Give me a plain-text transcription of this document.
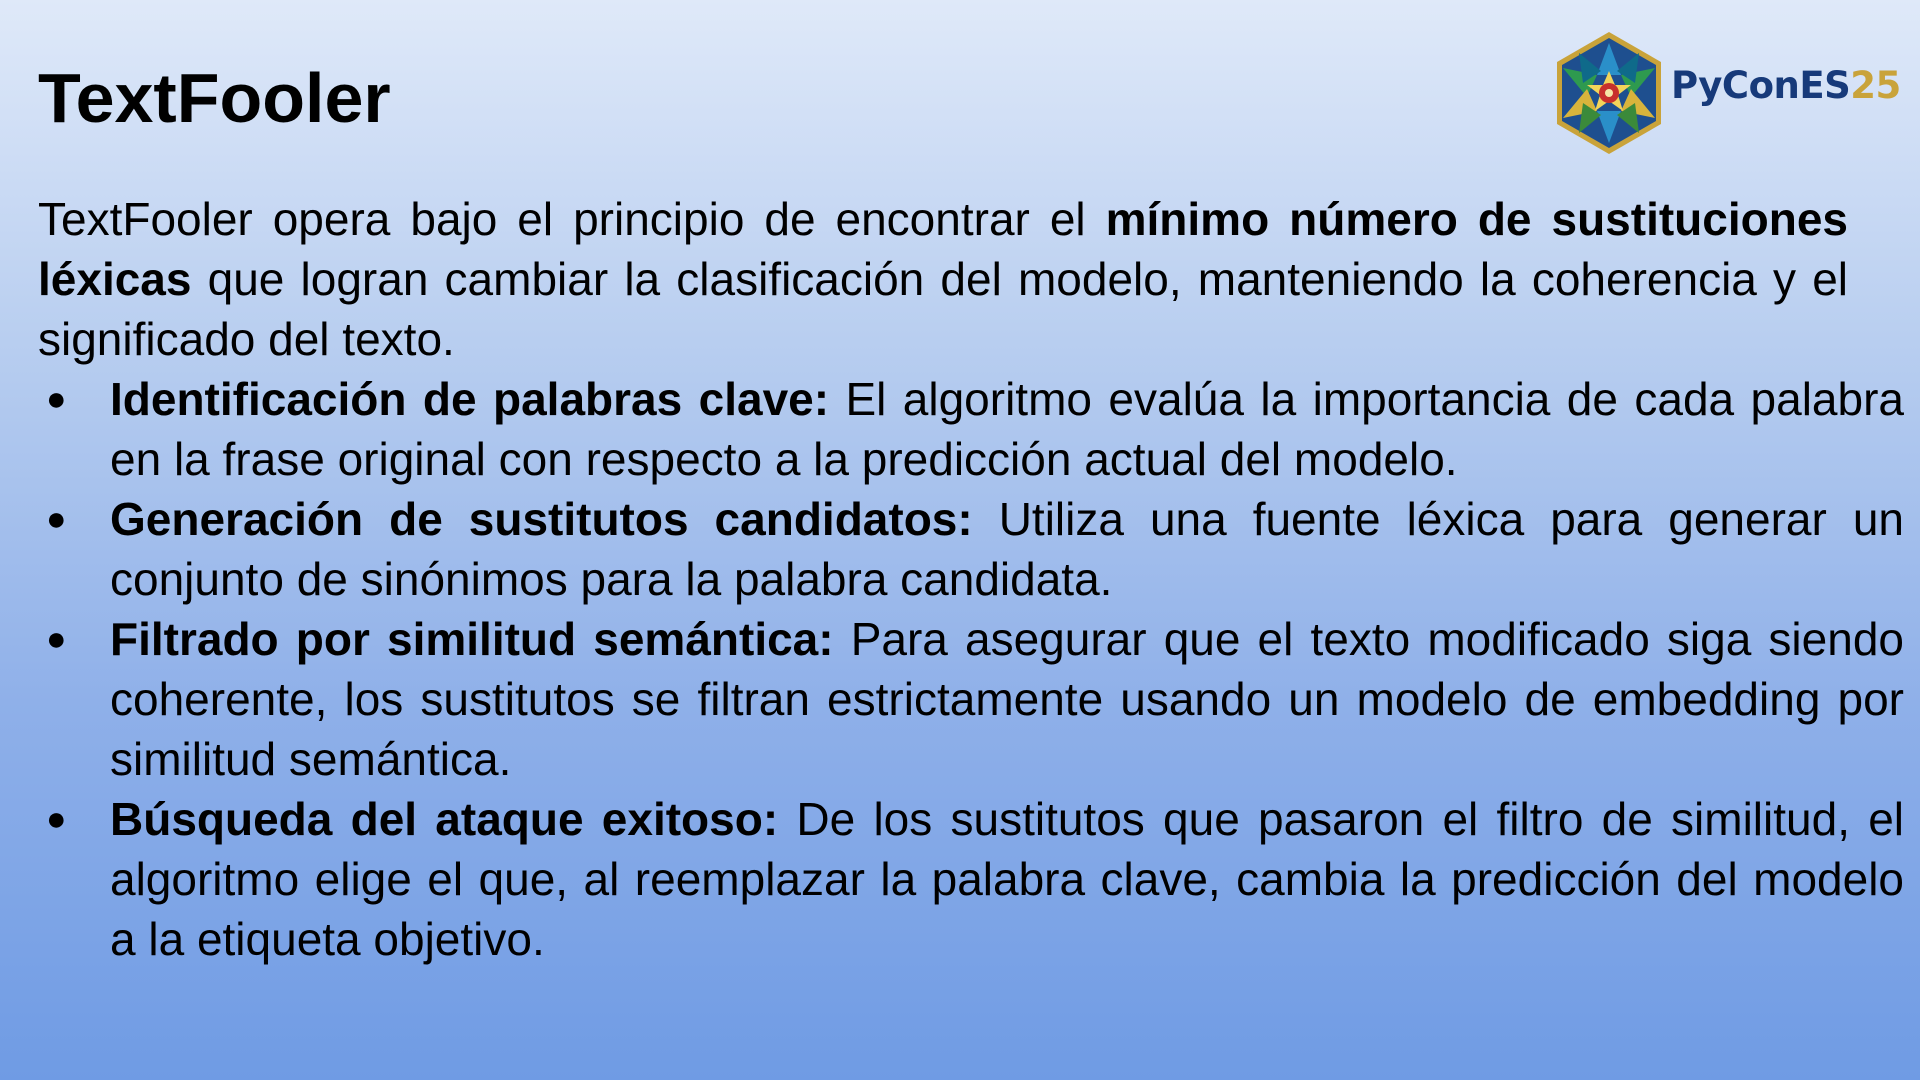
TextFooler	PyConES25

TextFooler opera bajo el principio de encontrar el mínimo número de sustituciones léxicas que logran cambiar la clasificación del modelo, manteniendo la coherencia y el significado del texto.

● Identificación de palabras clave: El algoritmo evalúa la importancia de cada palabra en la frase original con respecto a la predicción actual del modelo.
● Generación de sustitutos candidatos: Utiliza una fuente léxica para generar un conjunto de sinónimos para la palabra candidata.
● Filtrado por similitud semántica: Para asegurar que el texto modificado siga siendo coherente, los sustitutos se filtran estrictamente usando un modelo de embedding por similitud semántica.
● Búsqueda del ataque exitoso: De los sustitutos que pasaron el filtro de similitud, el algoritmo elige el que, al reemplazar la palabra clave, cambia la predicción del modelo a la etiqueta objetivo.
